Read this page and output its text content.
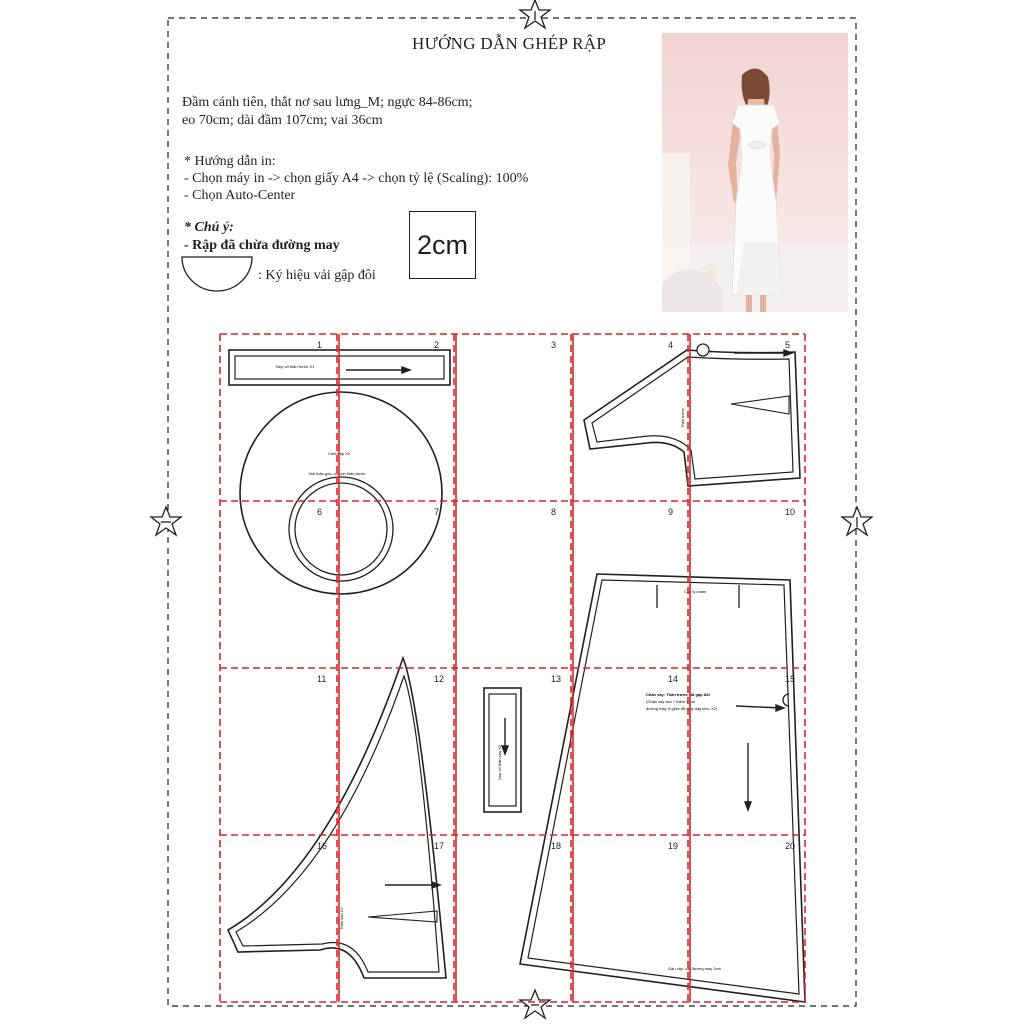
HƯỚNG DẪN GHÉP RẬP
Đầm cánh tiên, thắt nơ sau lưng_M; ngực 84-86cm;
eo 70cm; dài đầm 107cm; vai 36cm
* Hướng dẫn in:
- Chọn máy in -> chọn giấy A4 -> chọn tỷ lệ (Scaling): 100%
- Chọn Auto-Center
* Chú ý:
- Rập đã chừa đường may
: Ký hiệu vải gập đôi
2cm
Nẹp cổ thân trước X1
Cánh tay X2
Nối thân góc, nối với thân trước
Thân trước
Thân sau X2
Nẹp cổ thân sau X2
Cạp ly chạm
Chân váy: Thân trước vải gập đôi
(Chân váy sau + thêm 2 cm
đường may ở giữa để may dây kéo: X2)
Gấu váy: cắt đường may 2cm
1	2	3	4	5
6	7	8	9	10
11	12	13	14	15
16	17	18	19	20
